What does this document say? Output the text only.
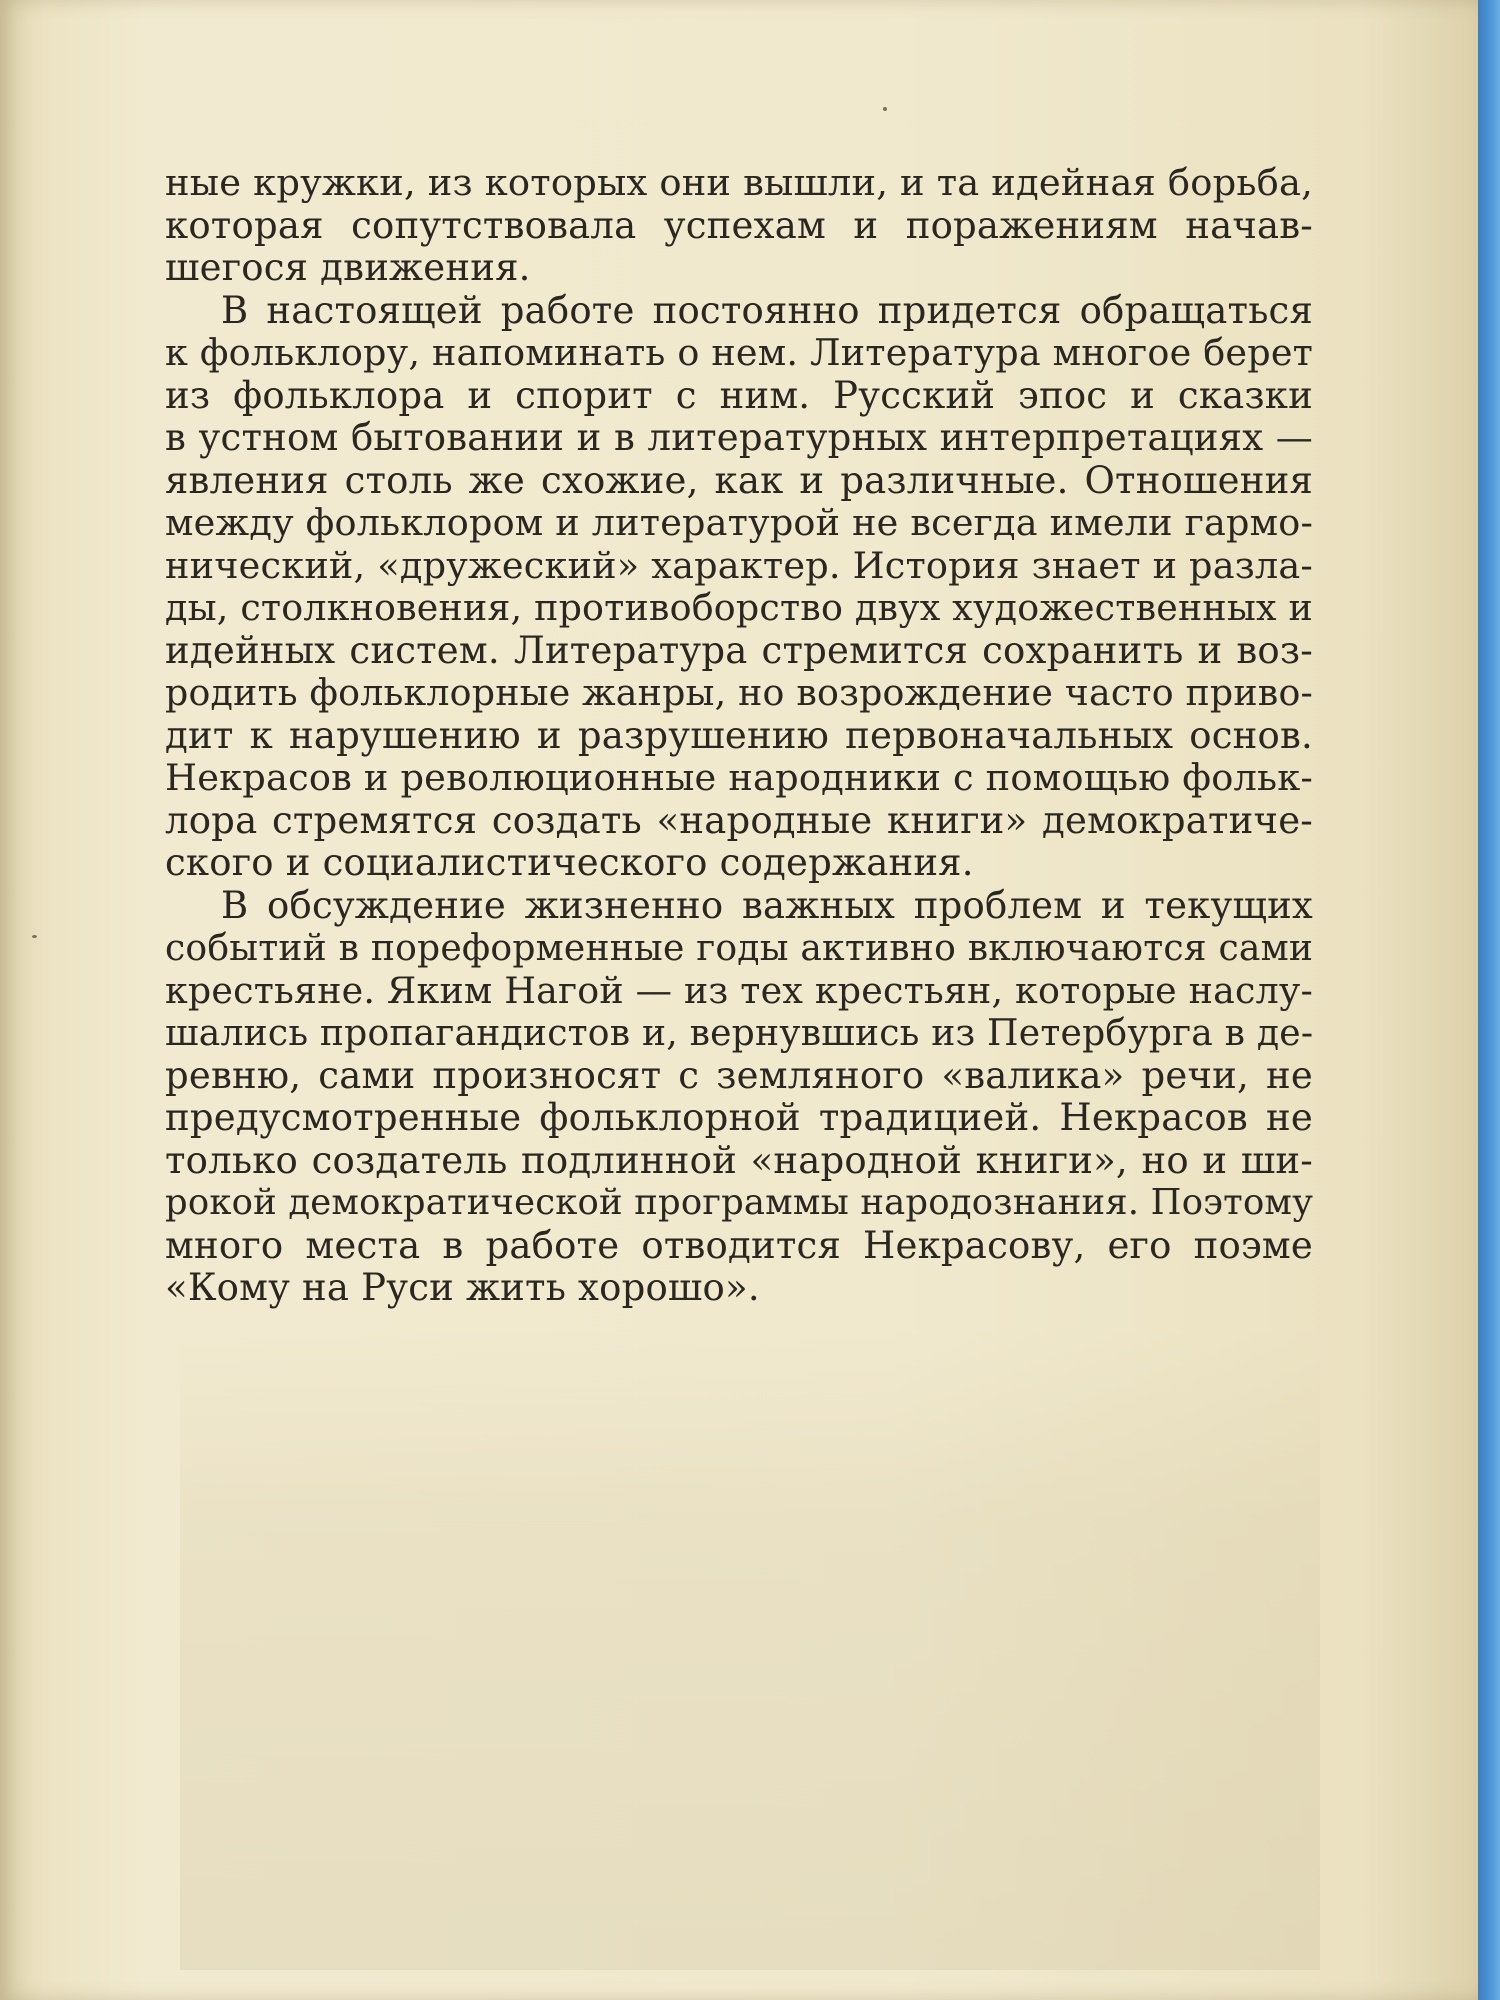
ные кружки, из которых они вышли, и та идейная борьба,
которая сопутствовала успехам и поражениям начав-
шегося движения.
В настоящей работе постоянно придется обращаться
к фольклору, напоминать о нем. Литература многое берет
из фольклора и спорит с ним. Русский эпос и сказки
в устном бытовании и в литературных интерпретациях —
явления столь же схожие, как и различные. Отношения
между фольклором и литературой не всегда имели гармо-
нический, «дружеский» характер. История знает и разла-
ды, столкновения, противоборство двух художественных и
идейных систем. Литература стремится сохранить и воз-
родить фольклорные жанры, но возрождение часто приво-
дит к нарушению и разрушению первоначальных основ.
Некрасов и революционные народники с помощью фольк-
лора стремятся создать «народные книги» демократиче-
ского и социалистического содержания.
В обсуждение жизненно важных проблем и текущих
событий в пореформенные годы активно включаются сами
крестьяне. Яким Нагой — из тех крестьян, которые наслу-
шались пропагандистов и, вернувшись из Петербурга в де-
ревню, сами произносят с земляного «валика» речи, не
предусмотренные фольклорной традицией. Некрасов не
только создатель подлинной «народной книги», но и ши-
рокой демократической программы народознания. Поэтому
много места в работе отводится Некрасову, его поэме
«Кому на Руси жить хорошо».
